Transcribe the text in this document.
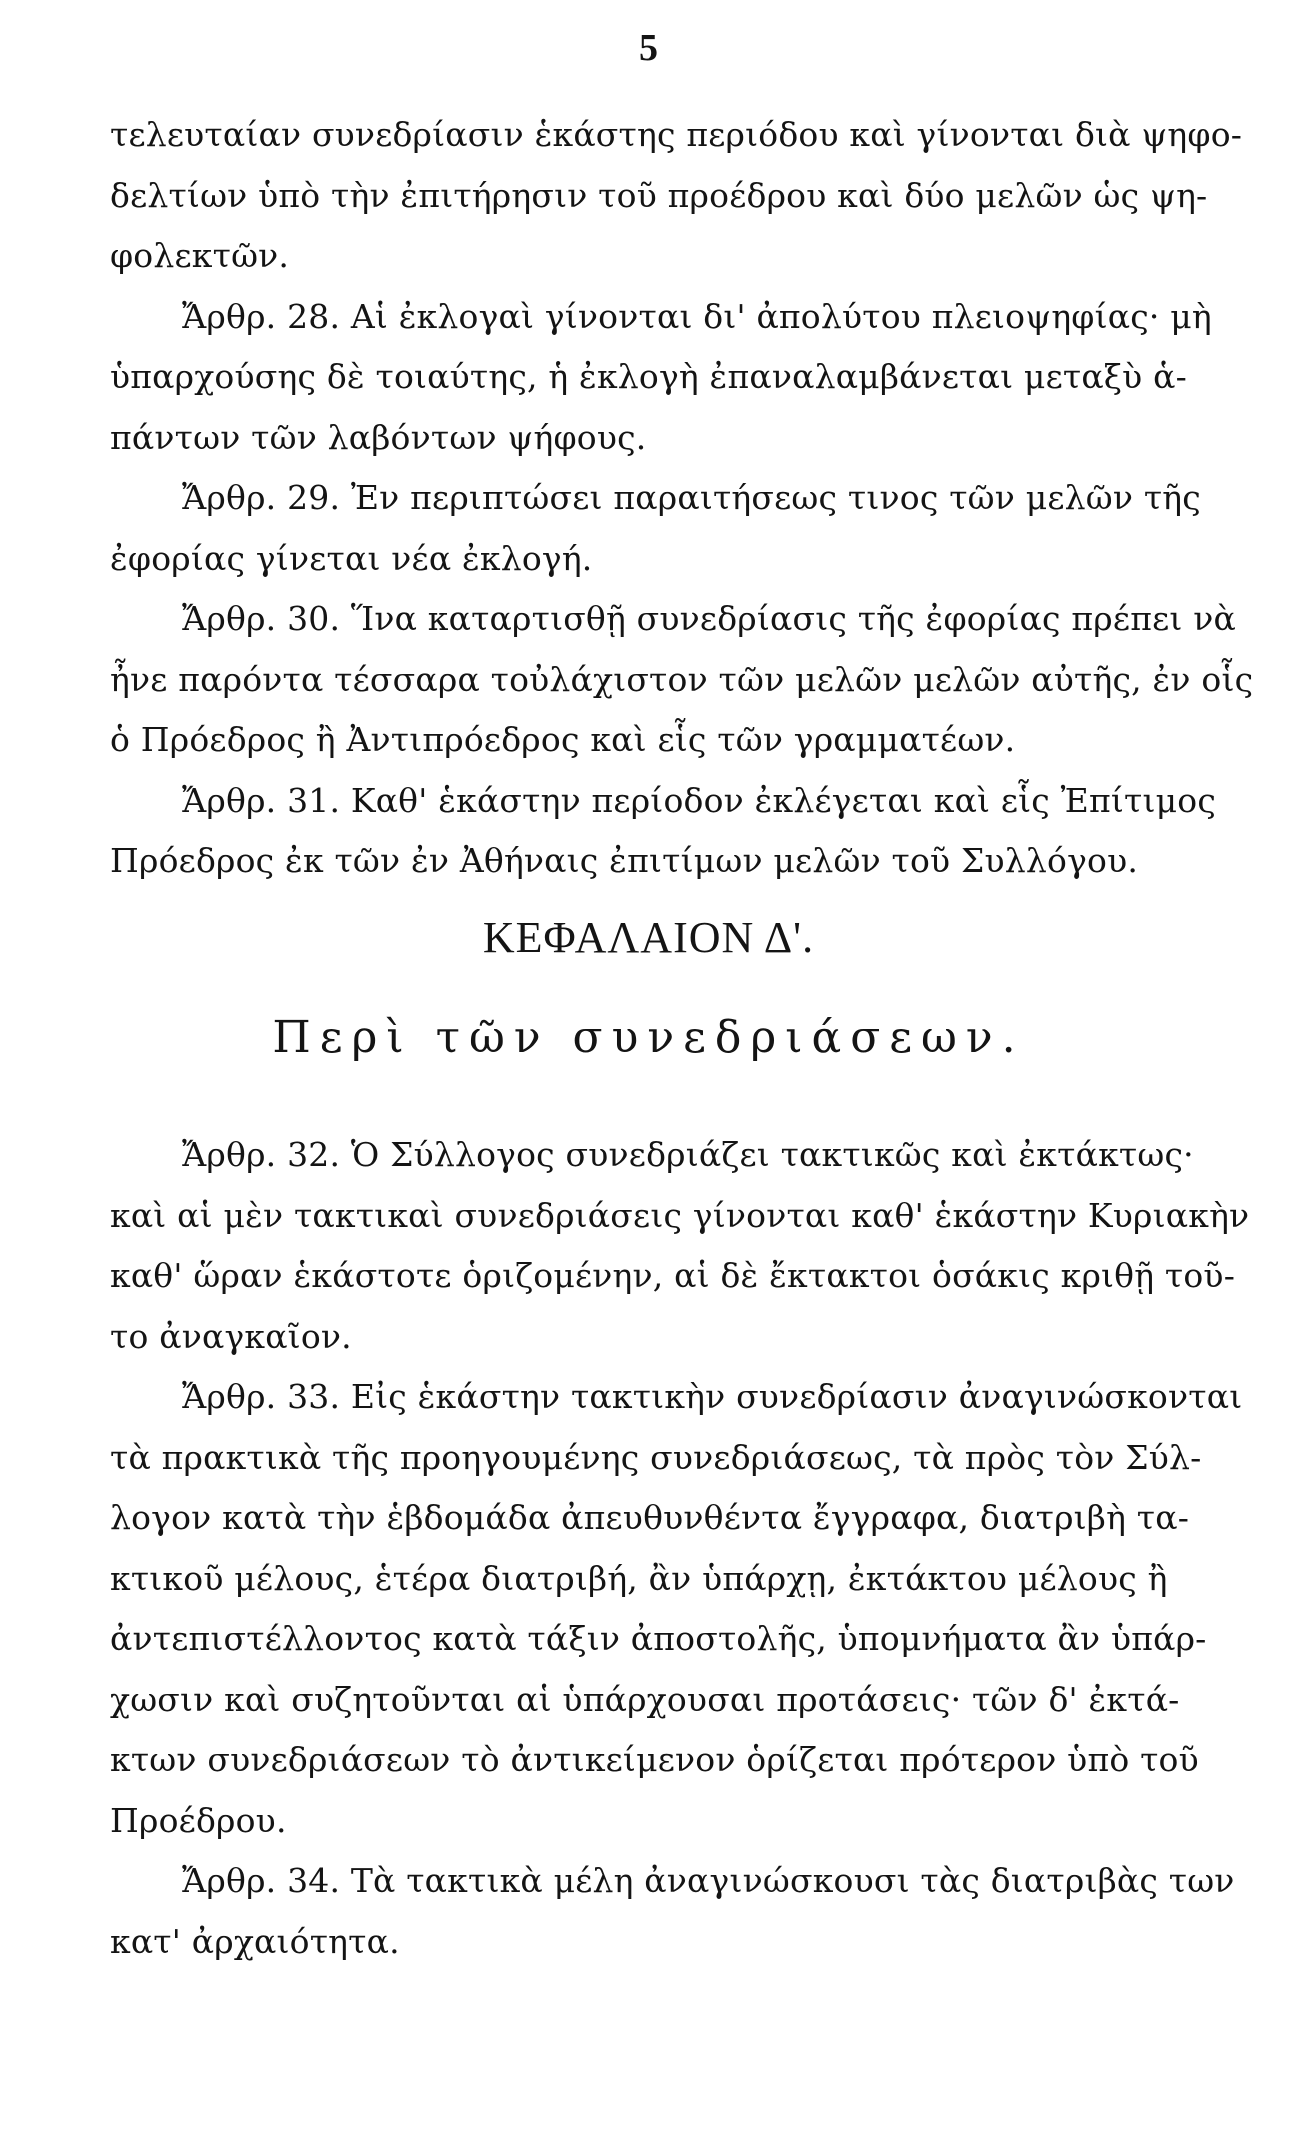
5
τελευταίαν συνεδρίασιν ἑκάστης περιόδου καὶ γίνονται διὰ ψηφο-
δελτίων ὑπὸ τὴν ἐπιτήρησιν τοῦ προέδρου καὶ δύο μελῶν ὡς ψη-
φολεκτῶν.
Ἄρθρ. 28. Αἱ ἐκλογαὶ γίνονται δι' ἀπολύτου πλειοψηφίας· μὴ
ὑπαρχούσης δὲ τοιαύτης, ἡ ἐκλογὴ ἐπαναλαμβάνεται μεταξὺ ἁ-
πάντων τῶν λαβόντων ψήφους.
Ἄρθρ. 29. Ἐν περιπτώσει παραιτήσεως τινος τῶν μελῶν τῆς
ἐφορίας γίνεται νέα ἐκλογή.
Ἄρθρ. 30. Ἵνα καταρτισθῇ συνεδρίασις τῆς ἐφορίας πρέπει νὰ
ἦνε παρόντα τέσσαρα τοὐλάχιστον τῶν μελῶν μελῶν αὐτῆς, ἐν οἷς
ὁ Πρόεδρος ἢ Ἀντιπρόεδρος καὶ εἷς τῶν γραμματέων.
Ἄρθρ. 31. Καθ' ἑκάστην περίοδον ἐκλέγεται καὶ εἷς Ἐπίτιμος
Πρόεδρος ἐκ τῶν ἐν Ἀθήναις ἐπιτίμων μελῶν τοῦ Συλλόγου.
ΚΕΦΑΛΑΙΟΝ Δ'.
Περὶ τῶν συνεδριάσεων.
Ἄρθρ. 32. Ὁ Σύλλογος συνεδριάζει τακτικῶς καὶ ἐκτάκτως·
καὶ αἱ μὲν τακτικαὶ συνεδριάσεις γίνονται καθ' ἑκάστην Κυριακὴν
καθ' ὥραν ἑκάστοτε ὁριζομένην, αἱ δὲ ἔκτακτοι ὁσάκις κριθῇ τοῦ-
το ἀναγκαῖον.
Ἄρθρ. 33. Εἰς ἑκάστην τακτικὴν συνεδρίασιν ἀναγινώσκονται
τὰ πρακτικὰ τῆς προηγουμένης συνεδριάσεως, τὰ πρὸς τὸν Σύλ-
λογον κατὰ τὴν ἑβδομάδα ἀπευθυνθέντα ἔγγραφα, διατριβὴ τα-
κτικοῦ μέλους, ἑτέρα διατριβή, ἂν ὑπάρχῃ, ἐκτάκτου μέλους ἢ
ἀντεπιστέλλοντος κατὰ τάξιν ἀποστολῆς, ὑπομνήματα ἂν ὑπάρ-
χωσιν καὶ συζητοῦνται αἱ ὑπάρχουσαι προτάσεις· τῶν δ' ἐκτά-
κτων συνεδριάσεων τὸ ἀντικείμενον ὁρίζεται πρότερον ὑπὸ τοῦ
Προέδρου.
Ἄρθρ. 34. Τὰ τακτικὰ μέλη ἀναγινώσκουσι τὰς διατριβὰς των
κατ' ἀρχαιότητα.
